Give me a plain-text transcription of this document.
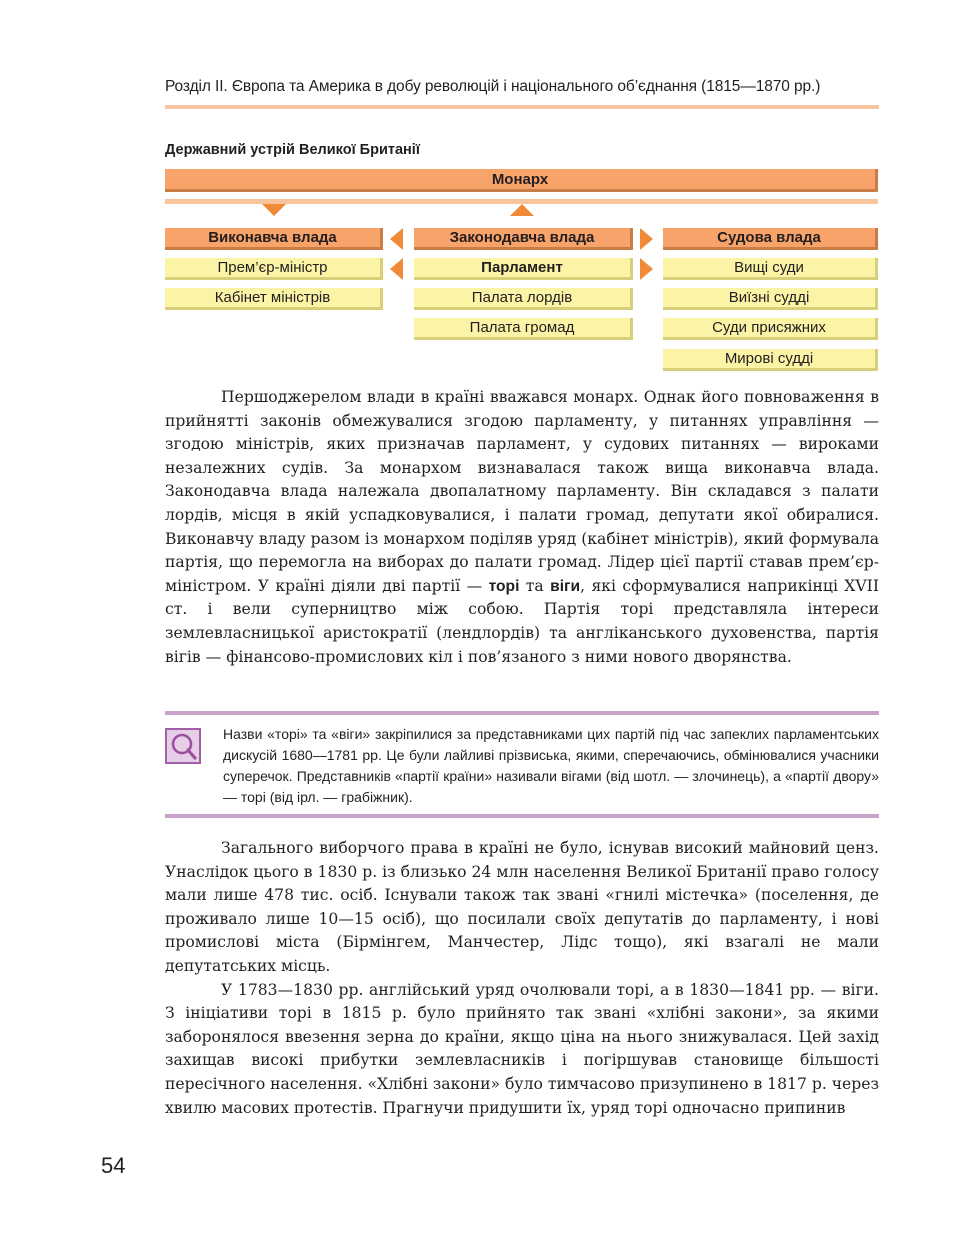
Розділ ІІ. Європа та Америка в добу революцій і національного об’єднання (1815—1870 рр.)
Державний устрій Великої Британії
Монарх
Виконавча влада
Прем’єр-міністр
Кабінет міністрів
Законодавча влада
Парламент
Палата лордів
Палата громад
Судова влада
Вищі суди
Виїзні судді
Суди присяжних
Мирові судді

Першоджерелом влади в країні вважався монарх. Однак його повноваження в прийнятті законів обмежувалися згодою парламенту, у питаннях управління — згодою міністрів, яких призначав парламент, у судових питаннях — вироками незалежних судів. За монархом визнавалася також вища виконавча влада. Законодавча влада належала двопалатному парламенту. Він складався з палати лордів, місця в якій успадковувалися, і палати громад, депутати якої обиралися. Виконавчу владу разом із монархом поділяв уряд (кабінет міністрів), який формувала партія, що перемогла на виборах до палати громад. Лідер цієї партії ставав прем’єр-міністром. У країні діяли дві партії — торі та віги, які сформувалися наприкінці XVII ст. і вели суперництво між собою. Партія торі представляла інтереси землевласницької аристократії (лендлордів) та англіканського духовенства, партія вігів — фінансово-промислових кіл і пов’язаного з ними нового дворянства.

Назви «торі» та «віги» закріпилися за представниками цих партій під час запеклих парламентських дискусій 1680—1781 рр. Це були лайливі прізвиська, якими, сперечаючись, обмінювалися учасники суперечок. Представників «партії країни» називали вігами (від шотл. — злочинець), а «партії двору» — торі (від ірл. — грабіжник).

Загального виборчого права в країні не було, існував високий майновий ценз. Унаслідок цього в 1830 р. із близько 24 млн населення Великої Британії право голосу мали лише 478 тис. осіб. Існували також так звані «гнилі містечка» (поселення, де проживало лише 10—15 осіб), що посилали своїх депутатів до парламенту, і нові промислові міста (Бірмінгем, Манчестер, Лідс тощо), які взагалі не мали депутатських місць.

У 1783—1830 рр. англійський уряд очолювали торі, а в 1830—1841 рр. — віги. З ініціативи торі в 1815 р. було прийнято так звані «хлібні закони», за якими заборонялося ввезення зерна до країни, якщо ціна на нього знижувалася. Цей захід захищав високі прибутки землевласників і погіршував становище більшості пересічного населення. «Хлібні закони» було тимчасово призупинено в 1817 р. через хвилю масових протестів. Прагнучи придушити їх, уряд торі одночасно припинив

54
